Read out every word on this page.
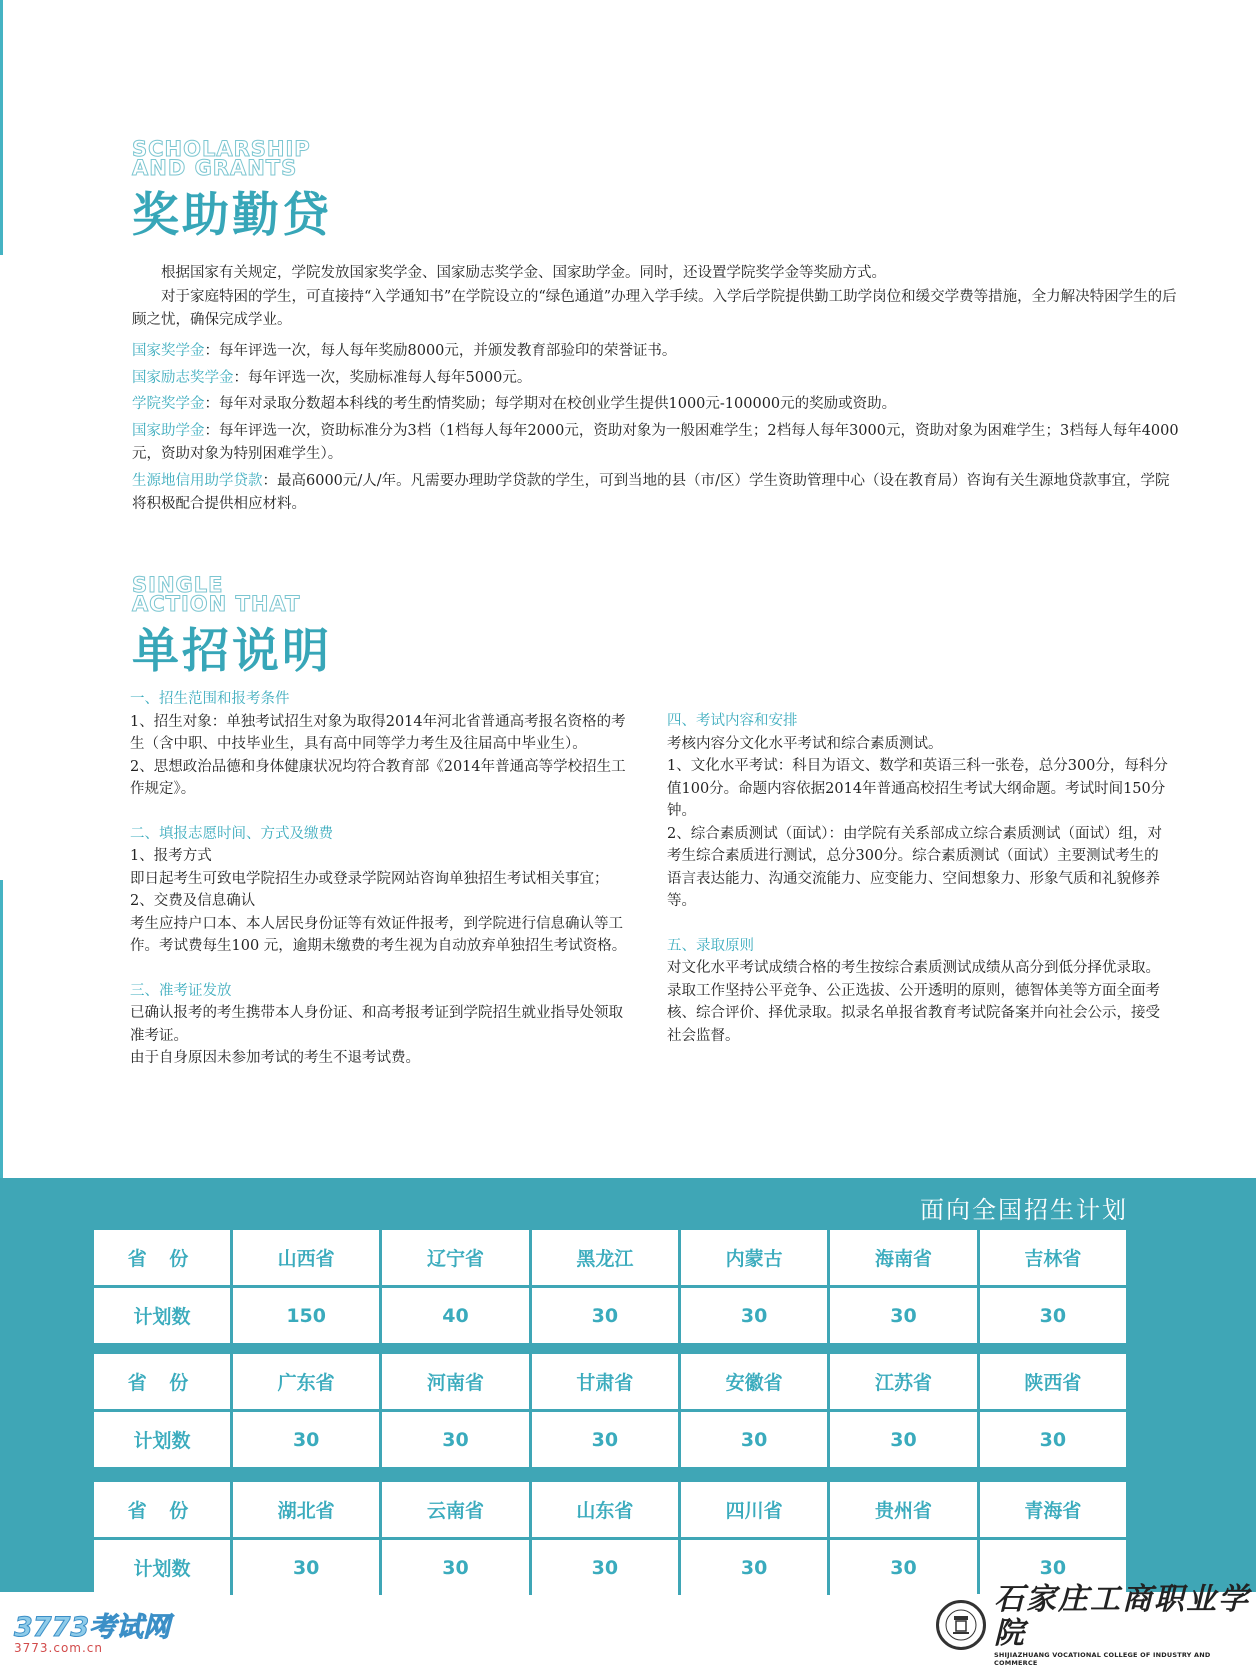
SCHOLARSHIP
AND GRANTS
奖助勤贷

根据国家有关规定，学院发放国家奖学金、国家励志奖学金、国家助学金。同时，还设置学院奖学金等奖励方式。

对于家庭特困的学生，可直接持“入学通知书”在学院设立的“绿色通道”办理入学手续。入学后学院提供勤工助学岗位和缓交学费等措施，全力解决特困学生的后顾之忧，确保完成学业。

国家奖学金：每年评选一次，每人每年奖励8000元，并颁发教育部验印的荣誉证书。
国家励志奖学金：每年评选一次，奖励标准每人每年5000元。
学院奖学金：每年对录取分数超本科线的考生酌情奖励；每学期对在校创业学生提供1000元-100000元的奖励或资助。
国家助学金：每年评选一次，资助标准分为3档（1档每人每年2000元，资助对象为一般困难学生；2档每人每年3000元，资助对象为困难学生；3档每人每年4000元，资助对象为特别困难学生）。
生源地信用助学贷款：最高6000元/人/年。凡需要办理助学贷款的学生，可到当地的县（市/区）学生资助管理中心（设在教育局）咨询有关生源地贷款事宜，学院将积极配合提供相应材料。
SINGLE
ACTION THAT
单招说明

一、招生范围和报考条件

1、招生对象：单独考试招生对象为取得2014年河北省普通高考报名资格的考生（含中职、中技毕业生，具有高中同等学力考生及往届高中毕业生）。

2、思想政治品德和身体健康状况均符合教育部《2014年普通高等学校招生工作规定》。

二、填报志愿时间、方式及缴费

1、报考方式

即日起考生可致电学院招生办或登录学院网站咨询单独招生考试相关事宜；

2、交费及信息确认

考生应持户口本、本人居民身份证等有效证件报考，到学院进行信息确认等工作。考试费每生100 元，逾期未缴费的考生视为自动放弃单独招生考试资格。

三、准考证发放

已确认报考的考生携带本人身份证、和高考报考证到学院招生就业指导处领取准考证。

由于自身原因未参加考试的考生不退考试费。

四、考试内容和安排

考核内容分文化水平考试和综合素质测试。

1、文化水平考试：科目为语文、数学和英语三科一张卷，总分300分，每科分值100分。命题内容依据2014年普通高校招生考试大纲命题。考试时间150分钟。

2、综合素质测试（面试）：由学院有关系部成立综合素质测试（面试）组，对考生综合素质进行测试，总分300分。综合素质测试（面试）主要测试考生的语言表达能力、沟通交流能力、应变能力、空间想象力、形象气质和礼貌修养等。

五、录取原则

对文化水平考试成绩合格的考生按综合素质测试成绩从高分到低分择优录取。录取工作坚持公平竞争、公正选拔、公开透明的原则，德智体美等方面全面考核、综合评价、择优录取。拟录名单报省教育考试院备案并向社会公示，接受社会监督。

面向全国招生计划
省 份	山西省	辽宁省	黑龙江	内蒙古	海南省	吉林省
计划数	150	40	30	30	30	30
省 份	广东省	河南省	甘肃省	安徽省	江苏省	陕西省
计划数	30	30	30	30	30	30
省 份	湖北省	云南省	山东省	四川省	贵州省	青海省
计划数	30	30	30	30	30	30
3773考试网
3773.com.cn
石家庄工商职业学院
SHIJIAZHUANG VOCATIONAL COLLEGE OF INDUSTRY AND COMMERCE
